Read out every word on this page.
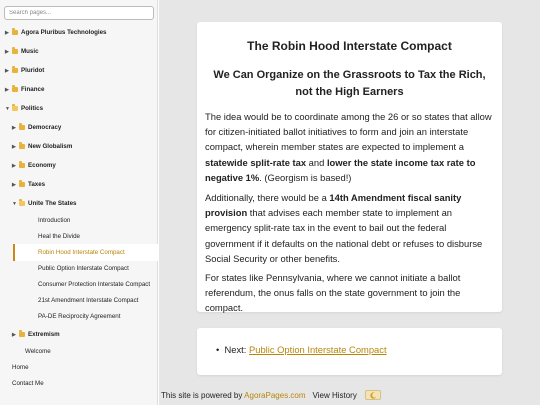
Search pages...
▶ Agora Pluribus Technologies
▶ Music
▶ Pluridot
▶ Finance
▼ Politics
▶ Democracy
▶ New Globalism
▶ Economy
▶ Taxes
▼ Unite The States
Introduction
Heal the Divide
Robin Hood Interstate Compact
Public Option Interstate Compact
Consumer Protection Interstate Compact
21st Amendment Interstate Compact
PA-DE Reciprocity Agreement
▶ Extremism
Welcome
Home
Contact Me
The Robin Hood Interstate Compact
We Can Organize on the Grassroots to Tax the Rich, not the High Earners
The idea would be to coordinate among the 26 or so states that allow for citizen-initiated ballot initiatives to form and join an interstate compact, wherein member states are expected to implement a statewide split-rate tax and lower the state income tax rate to negative 1%. (Georgism is based!)
Additionally, there would be a 14th Amendment fiscal sanity provision that advises each member state to implement an emergency split-rate tax in the event to bail out the federal government if it defaults on the national debt or refuses to disburse Social Security or other benefits.
For states like Pennsylvania, where we cannot initiate a ballot referendum, the onus falls on the state government to join the compact.
•  Next: Public Option Interstate Compact
This site is powered by AgoraPages.com View History
